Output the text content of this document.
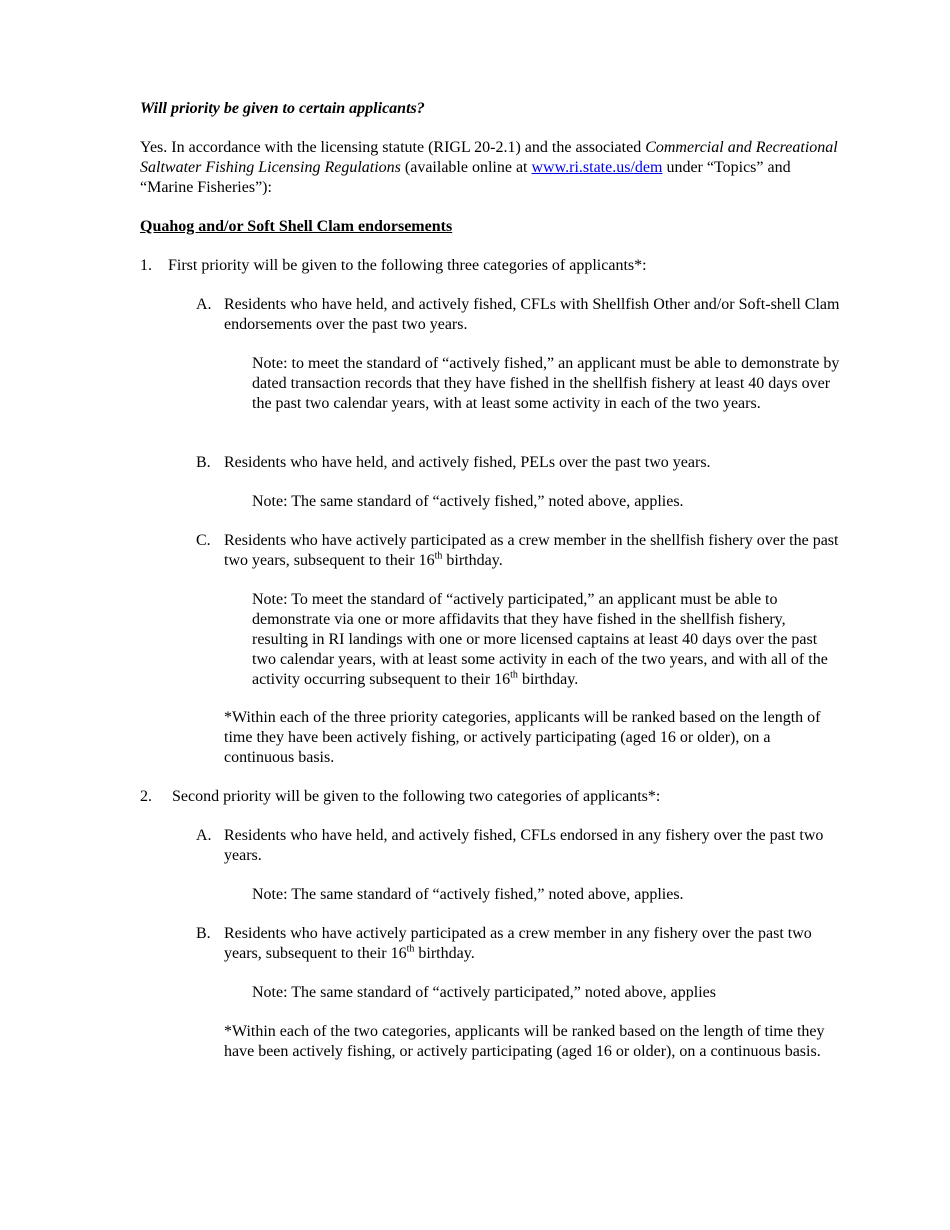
Will priority be given to certain applicants?

Yes. In accordance with the licensing statute (RIGL 20-2.1) and the associated Commercial and Recreational Saltwater Fishing Licensing Regulations (available online at www.ri.state.us/dem under “Topics” and “Marine Fisheries”):

Quahog and/or Soft Shell Clam endorsements

1. First priority will be given to the following three categories of applicants*:

A. Residents who have held, and actively fished, CFLs with Shellfish Other and/or Soft-shell Clam endorsements over the past two years.

Note: to meet the standard of “actively fished,” an applicant must be able to demonstrate by dated transaction records that they have fished in the shellfish fishery at least 40 days over the past two calendar years, with at least some activity in each of the two years.

B. Residents who have held, and actively fished, PELs over the past two years.

Note: The same standard of “actively fished,” noted above, applies.

C. Residents who have actively participated as a crew member in the shellfish fishery over the past two years, subsequent to their 16th birthday.

Note: To meet the standard of “actively participated,” an applicant must be able to demonstrate via one or more affidavits that they have fished in the shellfish fishery, resulting in RI landings with one or more licensed captains at least 40 days over the past two calendar years, with at least some activity in each of the two years, and with all of the activity occurring subsequent to their 16th birthday.

*Within each of the three priority categories, applicants will be ranked based on the length of time they have been actively fishing, or actively participating (aged 16 or older), on a continuous basis.

2. Second priority will be given to the following two categories of applicants*:

A. Residents who have held, and actively fished, CFLs endorsed in any fishery over the past two years.

Note: The same standard of “actively fished,” noted above, applies.

B. Residents who have actively participated as a crew member in any fishery over the past two years, subsequent to their 16th birthday.

Note: The same standard of “actively participated,” noted above, applies

*Within each of the two categories, applicants will be ranked based on the length of time they have been actively fishing, or actively participating (aged 16 or older), on a continuous basis.
